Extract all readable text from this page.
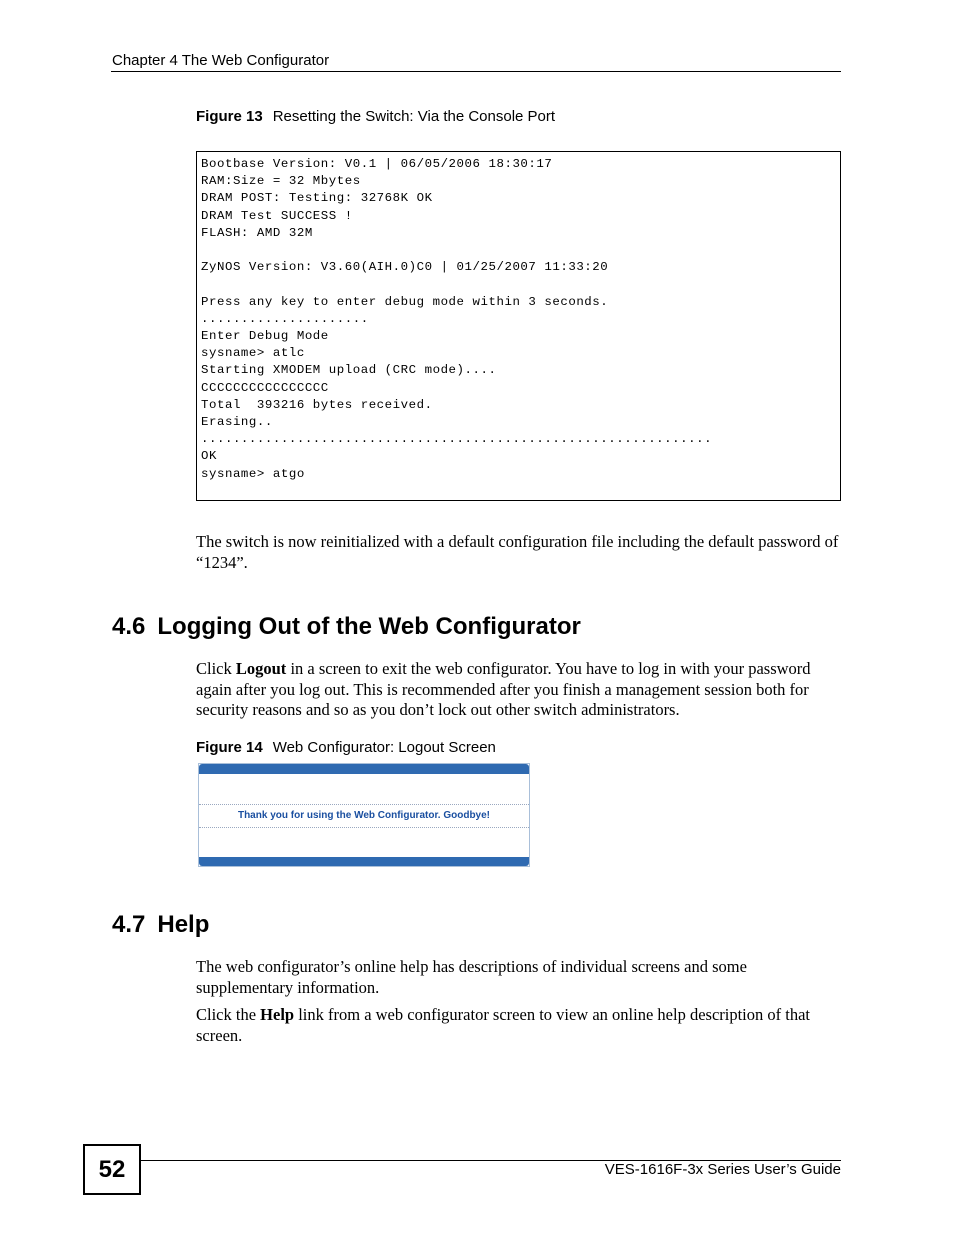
Chapter 4 The Web Configurator
Figure 13 Resetting the Switch: Via the Console Port
Bootbase Version: V0.1 | 06/05/2006 18:30:17
RAM:Size = 32 Mbytes
DRAM POST: Testing: 32768K OK
DRAM Test SUCCESS !
FLASH: AMD 32M

ZyNOS Version: V3.60(AIH.0)C0 | 01/25/2007 11:33:20

Press any key to enter debug mode within 3 seconds.
.....................
Enter Debug Mode
sysname> atlc
Starting XMODEM upload (CRC mode)....
CCCCCCCCCCCCCCCC
Total  393216 bytes received.
Erasing..
................................................................
OK
sysname> atgo
The switch is now reinitialized with a default configuration file including the default password of “1234”.
4.6 Logging Out of the Web Configurator
Click Logout in a screen to exit the web configurator. You have to log in with your password again after you log out. This is recommended after you finish a management session both for security reasons and so as you don’t lock out other switch administrators.
Figure 14 Web Configurator: Logout Screen
Thank you for using the Web Configurator. Goodbye!
4.7 Help
The web configurator’s online help has descriptions of individual screens and some supplementary information.
Click the Help link from a web configurator screen to view an online help description of that screen.
52	VES-1616F-3x Series User’s Guide
